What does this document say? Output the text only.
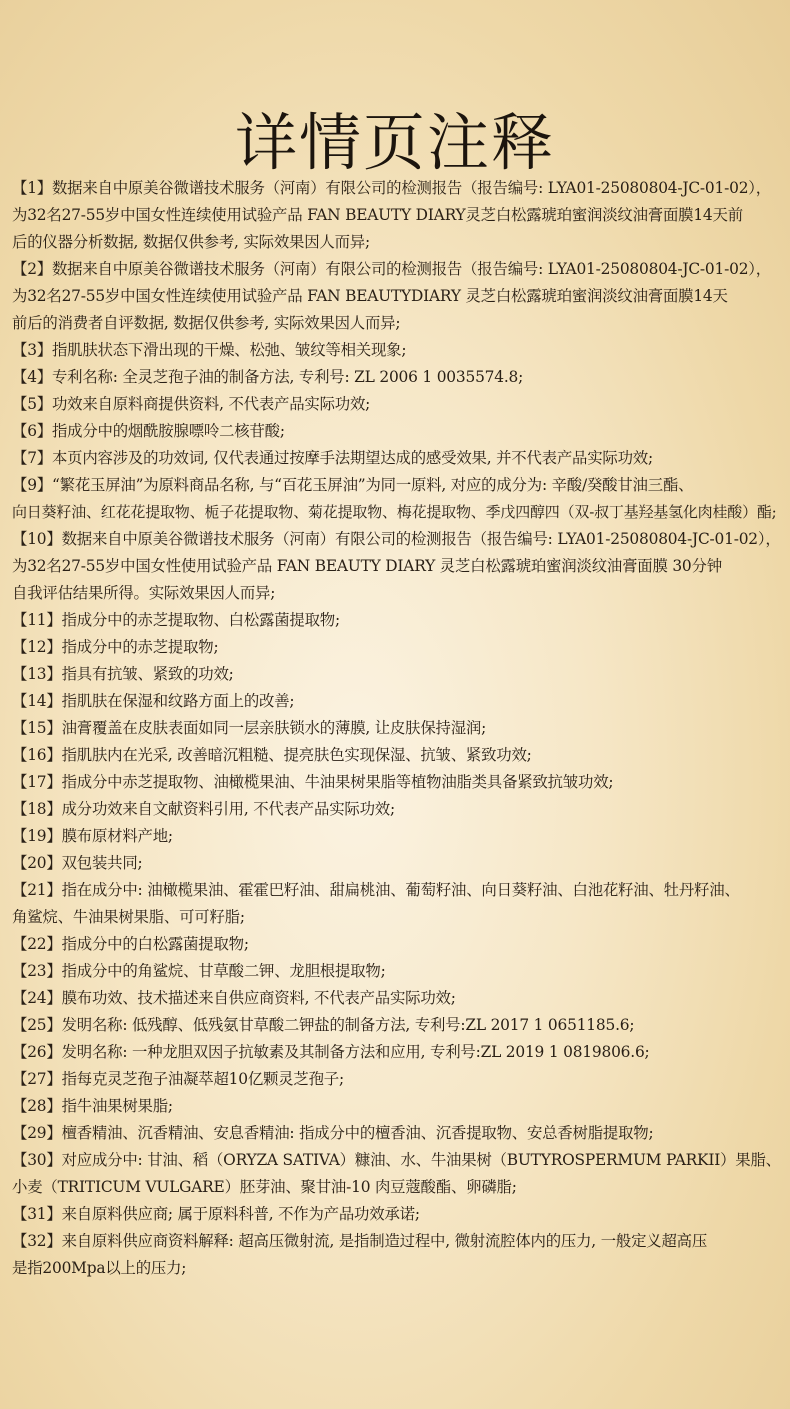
详情页注释
【1】数据来自中原美谷微谱技术服务（河南）有限公司的检测报告（报告编号: LYA01-25080804-JC-01-02），
为32名27-55岁中国女性连续使用试验产品 FAN BEAUTY DIARY灵芝白松露琥珀蜜润淡纹油膏面膜14天前
后的仪器分析数据, 数据仅供参考, 实际效果因人而异;
【2】数据来自中原美谷微谱技术服务（河南）有限公司的检测报告（报告编号: LYA01-25080804-JC-01-02），
为32名27-55岁中国女性连续使用试验产品 FAN BEAUTYDIARY 灵芝白松露琥珀蜜润淡纹油膏面膜14天
前后的消费者自评数据, 数据仅供参考, 实际效果因人而异;
【3】指肌肤状态下滑出现的干燥、松弛、皱纹等相关现象;
【4】专利名称: 全灵芝孢子油的制备方法, 专利号: ZL 2006 1 0035574.8;
【5】功效来自原料商提供资料, 不代表产品实际功效;
【6】指成分中的烟酰胺腺嘌呤二核苷酸;
【7】本页内容涉及的功效词, 仅代表通过按摩手法期望达成的感受效果, 并不代表产品实际功效;
【9】“繁花玉屏油”为原料商品名称, 与“百花玉屏油”为同一原料, 对应的成分为: 辛酸/癸酸甘油三酯、
向日葵籽油、红花花提取物、栀子花提取物、菊花提取物、梅花提取物、季戊四醇四（双-叔丁基羟基氢化肉桂酸）酯;
【10】数据来自中原美谷微谱技术服务（河南）有限公司的检测报告（报告编号: LYA01-25080804-JC-01-02），
为32名27-55岁中国女性使用试验产品 FAN BEAUTY DIARY 灵芝白松露琥珀蜜润淡纹油膏面膜 30分钟
自我评估结果所得。实际效果因人而异;
【11】指成分中的赤芝提取物、白松露菌提取物;
【12】指成分中的赤芝提取物;
【13】指具有抗皱、紧致的功效;
【14】指肌肤在保湿和纹路方面上的改善;
【15】油膏覆盖在皮肤表面如同一层亲肤锁水的薄膜, 让皮肤保持湿润;
【16】指肌肤内在光采, 改善暗沉粗糙、提亮肤色实现保湿、抗皱、紧致功效;
【17】指成分中赤芝提取物、油橄榄果油、牛油果树果脂等植物油脂类具备紧致抗皱功效;
【18】成分功效来自文献资料引用, 不代表产品实际功效;
【19】膜布原材料产地;
【20】双包装共同;
【21】指在成分中: 油橄榄果油、霍霍巴籽油、甜扁桃油、葡萄籽油、向日葵籽油、白池花籽油、牡丹籽油、
角鲨烷、牛油果树果脂、可可籽脂;
【22】指成分中的白松露菌提取物;
【23】指成分中的角鲨烷、甘草酸二钾、龙胆根提取物;
【24】膜布功效、技术描述来自供应商资料, 不代表产品实际功效;
【25】发明名称: 低残醇、低残氨甘草酸二钾盐的制备方法, 专利号:ZL 2017 1 0651185.6;
【26】发明名称: 一种龙胆双因子抗敏素及其制备方法和应用, 专利号:ZL 2019 1 0819806.6;
【27】指每克灵芝孢子油凝萃超10亿颗灵芝孢子;
【28】指牛油果树果脂;
【29】檀香精油、沉香精油、安息香精油: 指成分中的檀香油、沉香提取物、安总香树脂提取物;
【30】对应成分中: 甘油、稻（ORYZA SATIVA）糠油、水、牛油果树（BUTYROSPERMUM PARKII）果脂、
小麦（TRITICUM VULGARE）胚芽油、聚甘油-10 肉豆蔻酸酯、卵磷脂;
【31】来自原料供应商; 属于原料科普, 不作为产品功效承诺;
【32】来自原料供应商资料解释: 超高压微射流, 是指制造过程中, 微射流腔体内的压力, 一般定义超高压
是指200Mpa以上的压力;
